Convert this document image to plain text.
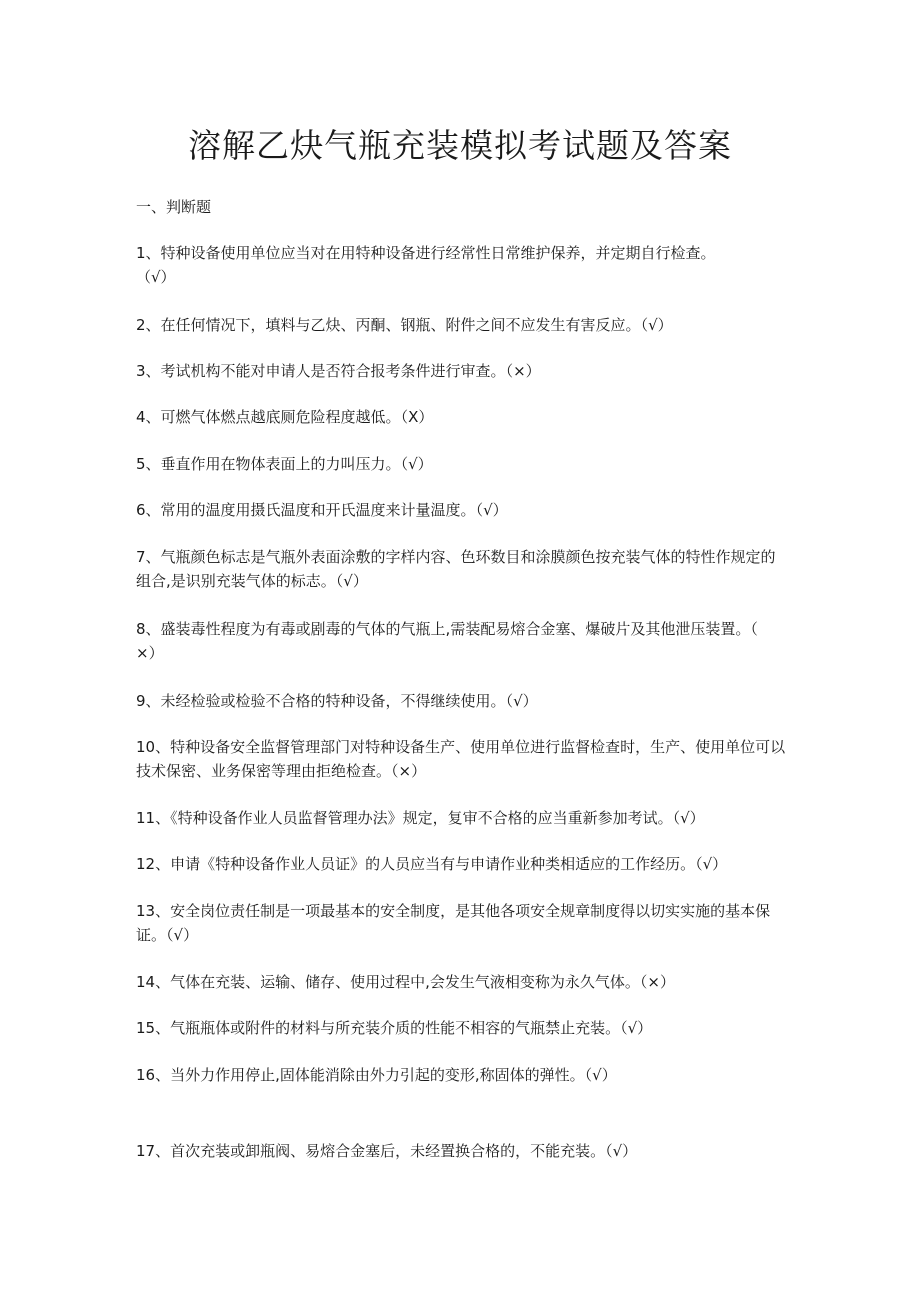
溶解乙炔气瓶充装模拟考试题及答案

一、判断题

1、特种设备使用单位应当对在用特种设备进行经常性日常维护保养，并定期自行检查。
（√）

2、在任何情况下，填料与乙炔、丙酮、钢瓶、附件之间不应发生有害反应。（√）

3、考试机构不能对申请人是否符合报考条件进行审查。（×）

4、可燃气体燃点越底厕危险程度越低。（X）

5、垂直作用在物体表面上的力叫压力。（√）

6、常用的温度用摄氏温度和开氏温度来计量温度。（√）

7、气瓶颜色标志是气瓶外表面涂敷的字样内容、色环数目和涂膜颜色按充装气体的特性作规定的组合,是识别充装气体的标志。（√）

8、盛装毒性程度为有毒或剧毒的气体的气瓶上,需装配易熔合金塞、爆破片及其他泄压装置。（
×）

9、未经检验或检验不合格的特种设备，不得继续使用。（√）

10、特种设备安全监督管理部门对特种设备生产、使用单位进行监督检查时，生产、使用单位可以技术保密、业务保密等理由拒绝检查。（×）

11、《特种设备作业人员监督管理办法》规定，复审不合格的应当重新参加考试。（√）

12、申请《特种设备作业人员证》的人员应当有与申请作业种类相适应的工作经历。（√）

13、安全岗位责任制是一项最基本的安全制度，是其他各项安全规章制度得以切实实施的基本保证。（√）

14、气体在充装、运输、储存、使用过程中,会发生气液相变称为永久气体。（×）

15、气瓶瓶体或附件的材料与所充装介质的性能不相容的气瓶禁止充装。（√）

16、当外力作用停止,固体能消除由外力引起的变形,称固体的弹性。（√）

17、首次充装或卸瓶阀、易熔合金塞后，未经置换合格的，不能充装。（√）
